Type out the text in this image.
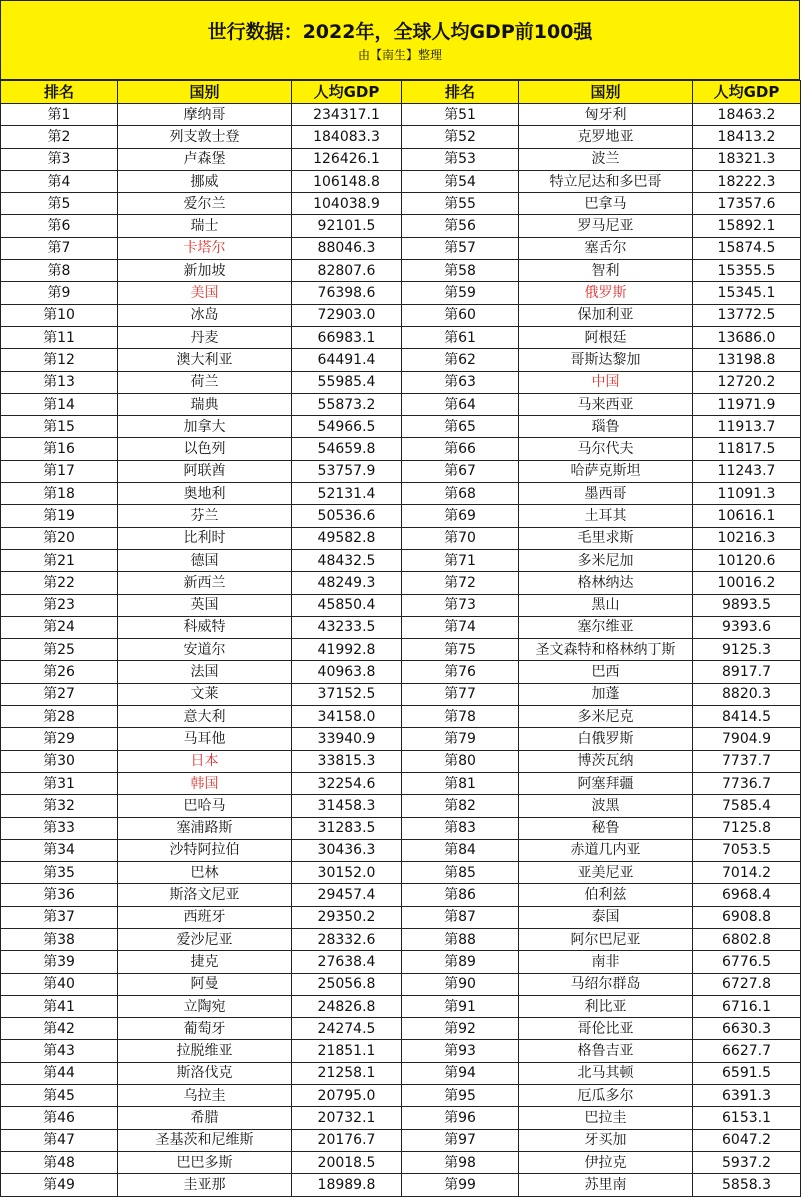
世行数据：2022年，全球人均GDP前100强
由【南生】整理
排名	国别	人均GDP	排名	国别	人均GDP
第1	摩纳哥	234317.1	第51	匈牙利	18463.2
第2	列支敦士登	184083.3	第52	克罗地亚	18413.2
第3	卢森堡	126426.1	第53	波兰	18321.3
第4	挪威	106148.8	第54	特立尼达和多巴哥	18222.3
第5	爱尔兰	104038.9	第55	巴拿马	17357.6
第6	瑞士	92101.5	第56	罗马尼亚	15892.1
第7	卡塔尔	88046.3	第57	塞舌尔	15874.5
第8	新加坡	82807.6	第58	智利	15355.5
第9	美国	76398.6	第59	俄罗斯	15345.1
第10	冰岛	72903.0	第60	保加利亚	13772.5
第11	丹麦	66983.1	第61	阿根廷	13686.0
第12	澳大利亚	64491.4	第62	哥斯达黎加	13198.8
第13	荷兰	55985.4	第63	中国	12720.2
第14	瑞典	55873.2	第64	马来西亚	11971.9
第15	加拿大	54966.5	第65	瑙鲁	11913.7
第16	以色列	54659.8	第66	马尔代夫	11817.5
第17	阿联酋	53757.9	第67	哈萨克斯坦	11243.7
第18	奥地利	52131.4	第68	墨西哥	11091.3
第19	芬兰	50536.6	第69	土耳其	10616.1
第20	比利时	49582.8	第70	毛里求斯	10216.3
第21	德国	48432.5	第71	多米尼加	10120.6
第22	新西兰	48249.3	第72	格林纳达	10016.2
第23	英国	45850.4	第73	黑山	9893.5
第24	科威特	43233.5	第74	塞尔维亚	9393.6
第25	安道尔	41992.8	第75	圣文森特和格林纳丁斯	9125.3
第26	法国	40963.8	第76	巴西	8917.7
第27	文莱	37152.5	第77	加蓬	8820.3
第28	意大利	34158.0	第78	多米尼克	8414.5
第29	马耳他	33940.9	第79	白俄罗斯	7904.9
第30	日本	33815.3	第80	博茨瓦纳	7737.7
第31	韩国	32254.6	第81	阿塞拜疆	7736.7
第32	巴哈马	31458.3	第82	波黑	7585.4
第33	塞浦路斯	31283.5	第83	秘鲁	7125.8
第34	沙特阿拉伯	30436.3	第84	赤道几内亚	7053.5
第35	巴林	30152.0	第85	亚美尼亚	7014.2
第36	斯洛文尼亚	29457.4	第86	伯利兹	6968.4
第37	西班牙	29350.2	第87	泰国	6908.8
第38	爱沙尼亚	28332.6	第88	阿尔巴尼亚	6802.8
第39	捷克	27638.4	第89	南非	6776.5
第40	阿曼	25056.8	第90	马绍尔群岛	6727.8
第41	立陶宛	24826.8	第91	利比亚	6716.1
第42	葡萄牙	24274.5	第92	哥伦比亚	6630.3
第43	拉脱维亚	21851.1	第93	格鲁吉亚	6627.7
第44	斯洛伐克	21258.1	第94	北马其顿	6591.5
第45	乌拉圭	20795.0	第95	厄瓜多尔	6391.3
第46	希腊	20732.1	第96	巴拉圭	6153.1
第47	圣基茨和尼维斯	20176.7	第97	牙买加	6047.2
第48	巴巴多斯	20018.5	第98	伊拉克	5937.2
第49	圭亚那	18989.8	第99	苏里南	5858.3
